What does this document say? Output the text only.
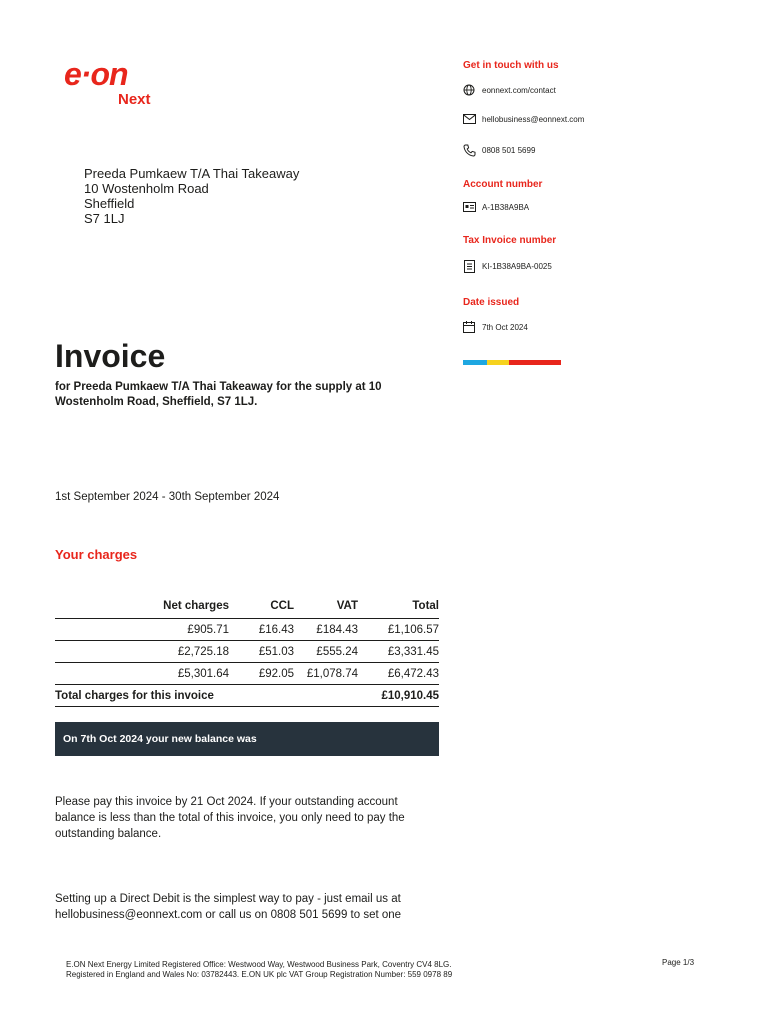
e·on
Next
Preeda Pumkaew T/A Thai Takeaway
10 Wostenholm Road
Sheffield
S7 1LJ
Get in touch with us
eonnext.com/contact
hellobusiness@eonnext.com
0808 501 5699
Account number
A-1B38A9BA
Tax Invoice number
KI-1B38A9BA-0025
Date issued
7th Oct 2024
Invoice
for Preeda Pumkaew T/A Thai Takeaway for the supply at 10 Wostenholm Road, Sheffield, S7 1LJ.
1st September 2024 - 30th September 2024
Your charges
Net charges	CCL	VAT	Total
£905.71	£16.43	£184.43	£1,106.57
£2,725.18	£51.03	£555.24	£3,331.45
£5,301.64	£92.05	£1,078.74	£6,472.43
Total charges for this invoice			£10,910.45
On 7th Oct 2024 your new balance was
Please pay this invoice by 21 Oct 2024. If your outstanding account balance is less than the total of this invoice, you only need to pay the outstanding balance.
Setting up a Direct Debit is the simplest way to pay - just email us at hellobusiness@eonnext.com or call us on 0808 501 5699 to set one
E.ON Next Energy Limited Registered Office: Westwood Way, Westwood Business Park, Coventry CV4 8LG.
Registered in England and Wales No: 03782443. E.ON UK plc VAT Group Registration Number: 559 0978 89
Page 1/3
